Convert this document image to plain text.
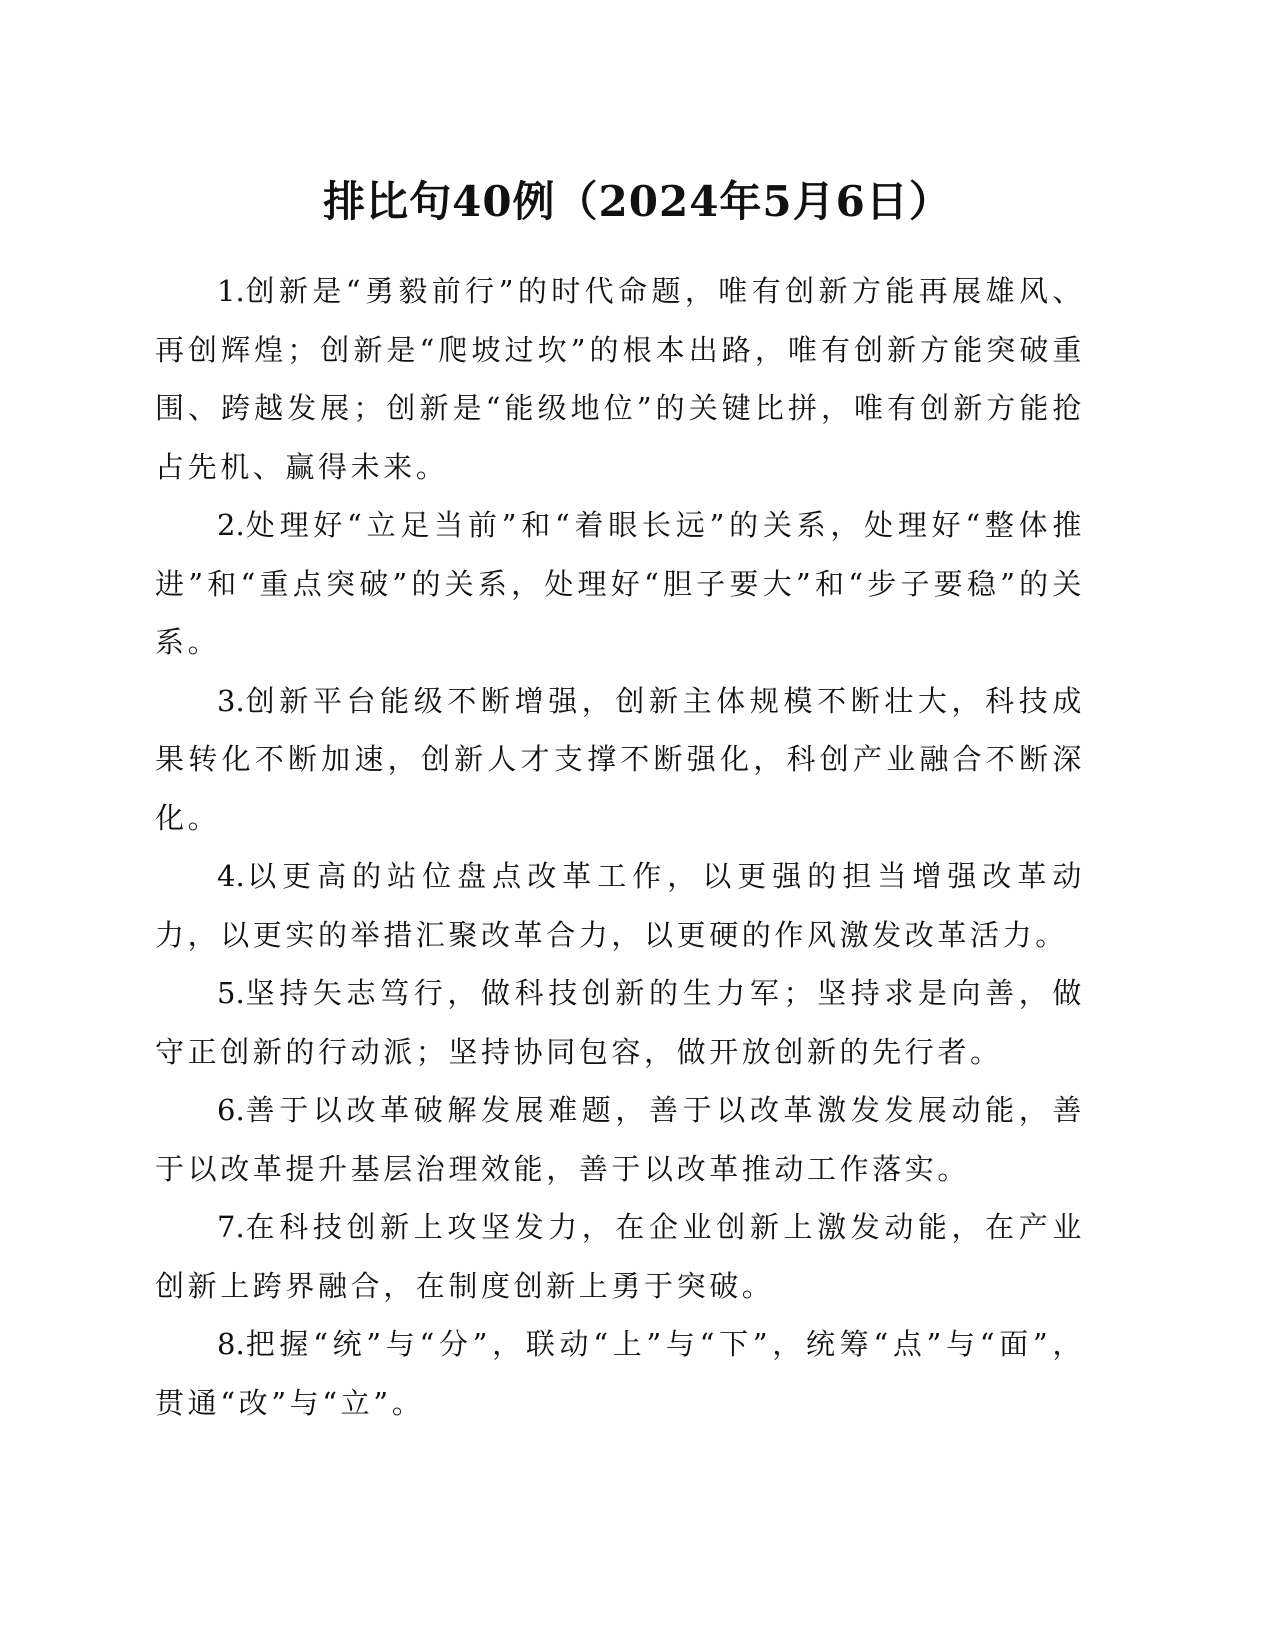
排比句40例（2024年5月6日）

1.创新是“勇毅前行”的时代命题，唯有创新方能再展雄风、再创辉煌；创新是“爬坡过坎”的根本出路，唯有创新方能突破重围、跨越发展；创新是“能级地位”的关键比拼，唯有创新方能抢占先机、赢得未来。

2.处理好“立足当前”和“着眼长远”的关系，处理好“整体推进”和“重点突破”的关系，处理好“胆子要大”和“步子要稳”的关系。

3.创新平台能级不断增强，创新主体规模不断壮大，科技成果转化不断加速，创新人才支撑不断强化，科创产业融合不断深化。

4.以更高的站位盘点改革工作，以更强的担当增强改革动力，以更实的举措汇聚改革合力，以更硬的作风激发改革活力。

5.坚持矢志笃行，做科技创新的生力军；坚持求是向善，做守正创新的行动派；坚持协同包容，做开放创新的先行者。

6.善于以改革破解发展难题，善于以改革激发发展动能，善于以改革提升基层治理效能，善于以改革推动工作落实。

7.在科技创新上攻坚发力，在企业创新上激发动能，在产业创新上跨界融合，在制度创新上勇于突破。

8.把握“统”与“分”，联动“上”与“下”，统筹“点”与“面”，贯通“改”与“立”。
